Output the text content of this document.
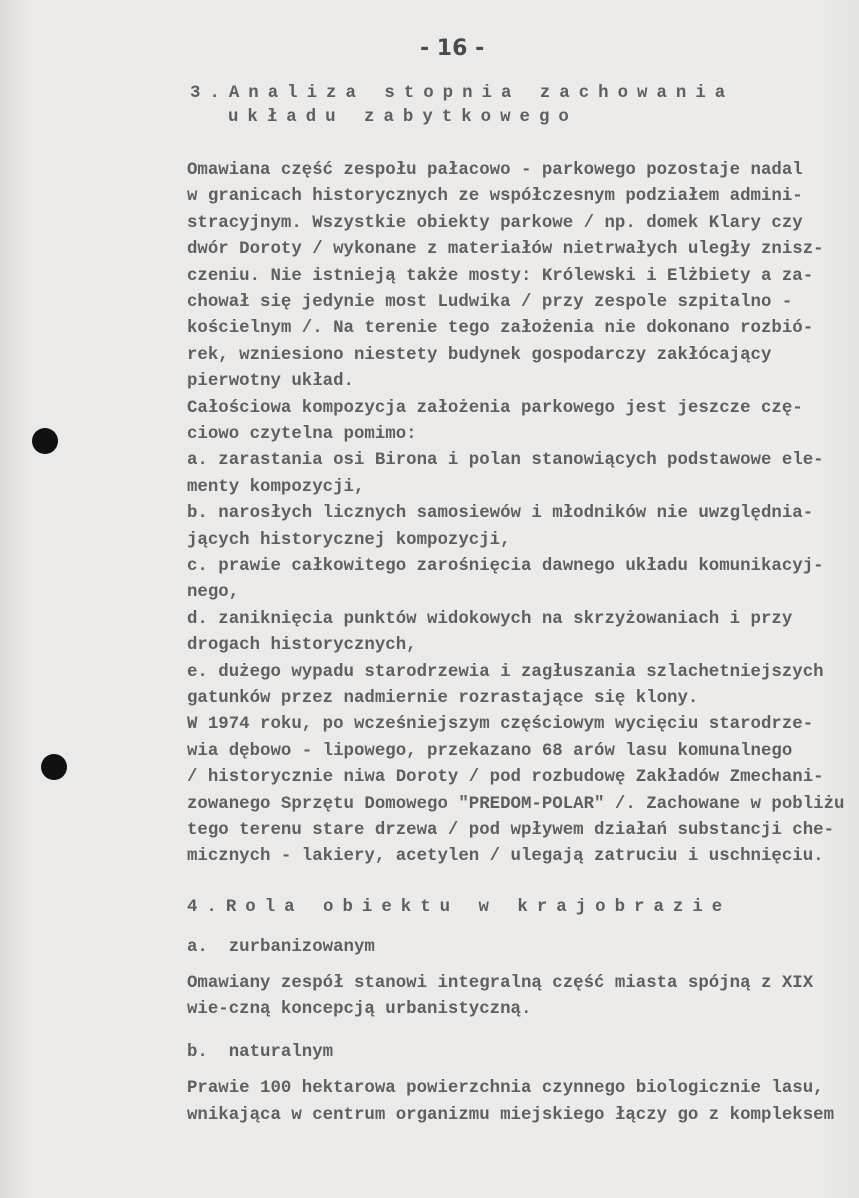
- 16 -
3.Analiza stopnia zachowania
układu zabytkowego
Omawiana część zespołu pałacowo - parkowego pozostaje nadal
w granicach historycznych ze współczesnym podziałem admini-
stracyjnym. Wszystkie obiekty parkowe / np. domek Klary czy
dwór Doroty / wykonane z materiałów nietrwałych uległy znisz-
czeniu. Nie istnieją także mosty: Królewski i Elżbiety a za-
chował się jedynie most Ludwika / przy zespole szpitalno -
kościelnym /. Na terenie tego założenia nie dokonano rozbió-
rek, wzniesiono niestety budynek gospodarczy zakłócający
pierwotny układ.
Całościowa kompozycja założenia parkowego jest jeszcze czę-
ciowo czytelna pomimo:
a. zarastania osi Birona i polan stanowiących podstawowe ele-
menty kompozycji,
b. narosłych licznych samosiewów i młodników nie uwzględnia-
jących historycznej kompozycji,
c. prawie całkowitego zarośnięcia dawnego układu komunikacyj-
nego,
d. zaniknięcia punktów widokowych na skrzyżowaniach i przy
drogach historycznych,
e. dużego wypadu starodrzewia i zagłuszania szlachetniejszych
gatunków przez nadmiernie rozrastające się klony.
W 1974 roku, po wcześniejszym częściowym wycięciu starodrze-
wia dębowo - lipowego, przekazano 68 arów lasu komunalnego
/ historycznie niwa Doroty / pod rozbudowę Zakładów Zmechani-
zowanego Sprzętu Domowego "PREDOM-POLAR" /. Zachowane w pobliżu
tego terenu stare drzewa / pod wpływem działań substancji che-
micznych - lakiery, acetylen / ulegają zatruciu i uschnięciu.
4.Rola obiektu w krajobrazie
a.  zurbanizowanym
Omawiany zespół stanowi integralną część miasta spójną z XIX
wie-czną koncepcją urbanistyczną.
b.  naturalnym
Prawie 100 hektarowa powierzchnia czynnego biologicznie lasu,
wnikająca w centrum organizmu miejskiego łączy go z kompleksem
